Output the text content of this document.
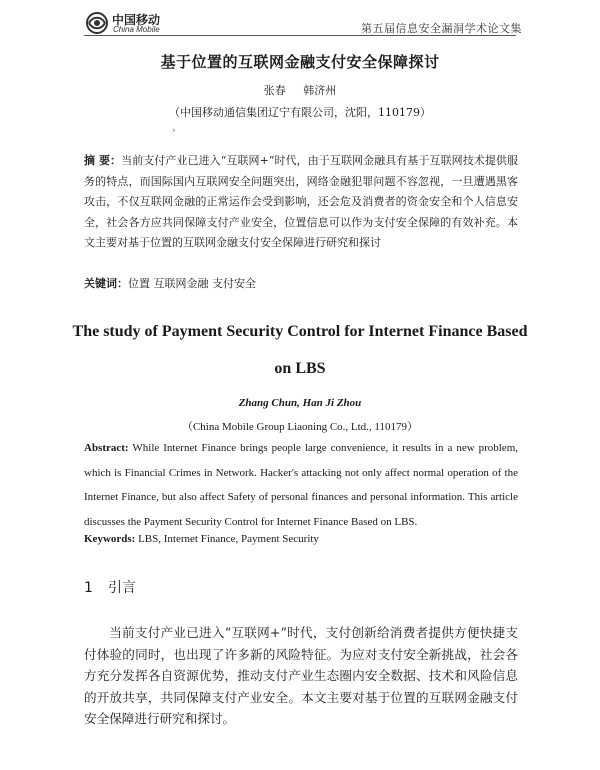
中国移动
China Mobile	第五届信息安全漏洞学术论文集
基于位置的互联网金融支付安全保障探讨
张春 韩济州
（中国移动通信集团辽宁有限公司，沈阳，110179）
›
摘 要：当前支付产业已进入“互联网+”时代，由于互联网金融具有基于互联网技术提供服务的特点，而国际国内互联网安全问题突出，网络金融犯罪问题不容忽视，一旦遭遇黑客攻击，不仅互联网金融的正常运作会受到影响，还会危及消费者的资金安全和个人信息安全，社会各方应共同保障支付产业安全，位置信息可以作为支付安全保障的有效补充。本文主要对基于位置的互联网金融支付安全保障进行研究和探讨
关键词：位置 互联网金融 支付安全
The study of Payment Security Control for Internet Finance Based
on LBS
Zhang Chun, Han Ji Zhou
（China Mobile Group Liaoning Co., Ltd., 110179）
Abstract: While Internet Finance brings people large convenience, it results in a new problem, which is Financial Crimes in Network. Hacker's attacking not only affect normal operation of the Internet Finance, but also affect Safety of personal finances and personal information. This article discusses the Payment Security Control for Internet Finance Based on LBS.
Keywords: LBS, Internet Finance, Payment Security
1 引言
当前支付产业已进入“互联网+”时代，支付创新给消费者提供方便快捷支付体验的同时，也出现了许多新的风险特征。为应对支付安全新挑战，社会各方充分发挥各自资源优势，推动支付产业生态圈内安全数据、技术和风险信息的开放共享，共同保障支付产业安全。本文主要对基于位置的互联网金融支付安全保障进行研究和探讨。
